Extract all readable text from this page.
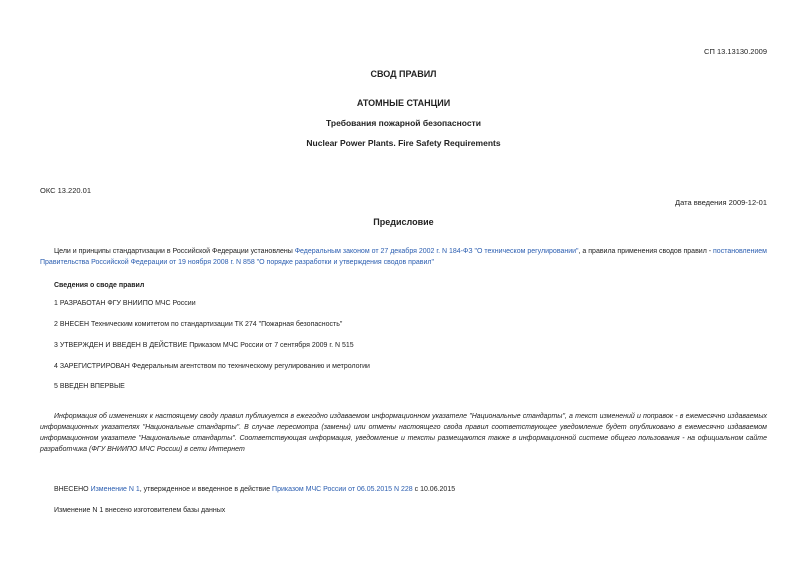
СП 13.13130.2009
СВОД ПРАВИЛ
АТОМНЫЕ СТАНЦИИ
Требования пожарной безопасности
Nuclear Power Plants. Fire Safety Requirements
ОКС 13.220.01
Дата введения 2009-12-01
Предисловие
Цели и принципы стандартизации в Российской Федерации установлены Федеральным законом от 27 декабря 2002 г. N 184-ФЗ "О техническом регулировании", а правила применения сводов правил - постановлением Правительства Российской Федерации от 19 ноября 2008 г. N 858 "О порядке разработки и утверждения сводов правил"
Сведения о своде правил
1 РАЗРАБОТАН ФГУ ВНИИПО МЧС России
2 ВНЕСЕН Техническим комитетом по стандартизации ТК 274 "Пожарная безопасность"
3 УТВЕРЖДЕН И ВВЕДЕН В ДЕЙСТВИЕ Приказом МЧС России от 7 сентября 2009 г. N 515
4 ЗАРЕГИСТРИРОВАН Федеральным агентством по техническому регулированию и метрологии
5 ВВЕДЕН ВПЕРВЫЕ
Информация об изменениях к настоящему своду правил публикуется в ежегодно издаваемом информационном указателе "Национальные стандарты", а текст изменений и поправок - в ежемесячно издаваемых информационных указателях "Национальные стандарты". В случае пересмотра (замены) или отмены настоящего свода правил соответствующее уведомление будет опубликовано в ежемесячно издаваемом информационном указателе "Национальные стандарты". Соответствующая информация, уведомление и тексты размещаются также в информационной системе общего пользования - на официальном сайте разработчика (ФГУ ВНИИПО МЧС России) в сети Интернет
ВНЕСЕНО Изменение N 1, утвержденное и введенное в действие Приказом МЧС России от 06.05.2015 N 228 с 10.06.2015
Изменение N 1 внесено изготовителем базы данных
